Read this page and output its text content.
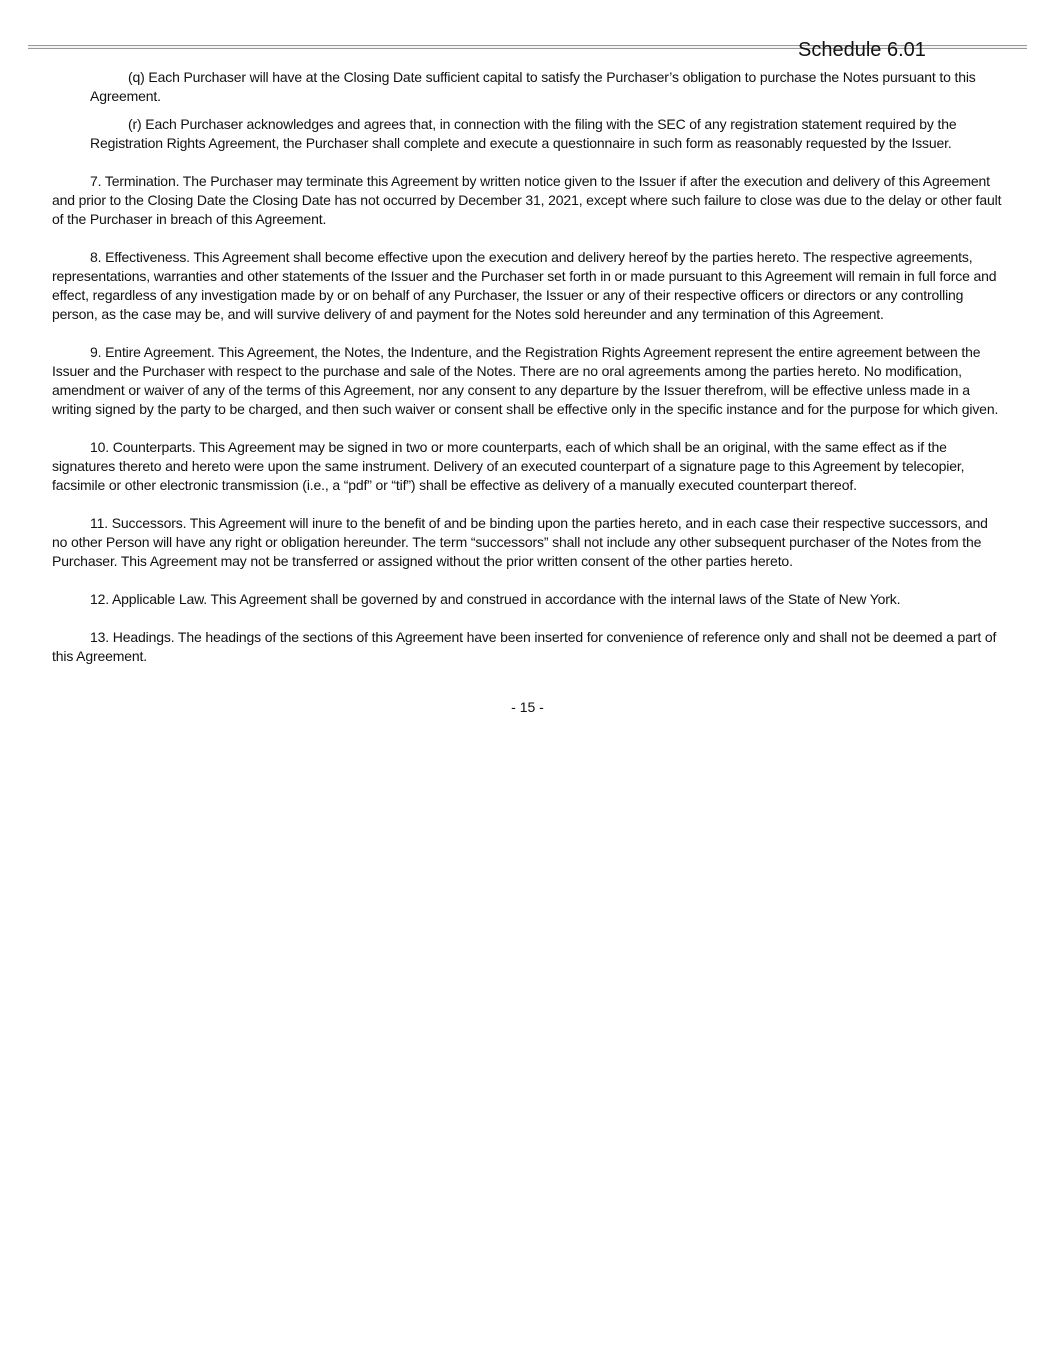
Schedule 6.01

(q) Each Purchaser will have at the Closing Date sufficient capital to satisfy the Purchaser’s obligation to purchase the Notes pursuant to this Agreement.

(r) Each Purchaser acknowledges and agrees that, in connection with the filing with the SEC of any registration statement required by the Registration Rights Agreement, the Purchaser shall complete and execute a questionnaire in such form as reasonably requested by the Issuer.

7. Termination. The Purchaser may terminate this Agreement by written notice given to the Issuer if after the execution and delivery of this Agreement and prior to the Closing Date the Closing Date has not occurred by December 31, 2021, except where such failure to close was due to the delay or other fault of the Purchaser in breach of this Agreement.

8. Effectiveness. This Agreement shall become effective upon the execution and delivery hereof by the parties hereto. The respective agreements, representations, warranties and other statements of the Issuer and the Purchaser set forth in or made pursuant to this Agreement will remain in full force and effect, regardless of any investigation made by or on behalf of any Purchaser, the Issuer or any of their respective officers or directors or any controlling person, as the case may be, and will survive delivery of and payment for the Notes sold hereunder and any termination of this Agreement.

9. Entire Agreement. This Agreement, the Notes, the Indenture, and the Registration Rights Agreement represent the entire agreement between the Issuer and the Purchaser with respect to the purchase and sale of the Notes. There are no oral agreements among the parties hereto. No modification, amendment or waiver of any of the terms of this Agreement, nor any consent to any departure by the Issuer therefrom, will be effective unless made in a writing signed by the party to be charged, and then such waiver or consent shall be effective only in the specific instance and for the purpose for which given.

10. Counterparts. This Agreement may be signed in two or more counterparts, each of which shall be an original, with the same effect as if the signatures thereto and hereto were upon the same instrument. Delivery of an executed counterpart of a signature page to this Agreement by telecopier, facsimile or other electronic transmission (i.e., a “pdf” or “tif”) shall be effective as delivery of a manually executed counterpart thereof.

11. Successors. This Agreement will inure to the benefit of and be binding upon the parties hereto, and in each case their respective successors, and no other Person will have any right or obligation hereunder. The term “successors” shall not include any other subsequent purchaser of the Notes from the Purchaser. This Agreement may not be transferred or assigned without the prior written consent of the other parties hereto.

12. Applicable Law. This Agreement shall be governed by and construed in accordance with the internal laws of the State of New York.

13. Headings. The headings of the sections of this Agreement have been inserted for convenience of reference only and shall not be deemed a part of this Agreement.

- 15 -
